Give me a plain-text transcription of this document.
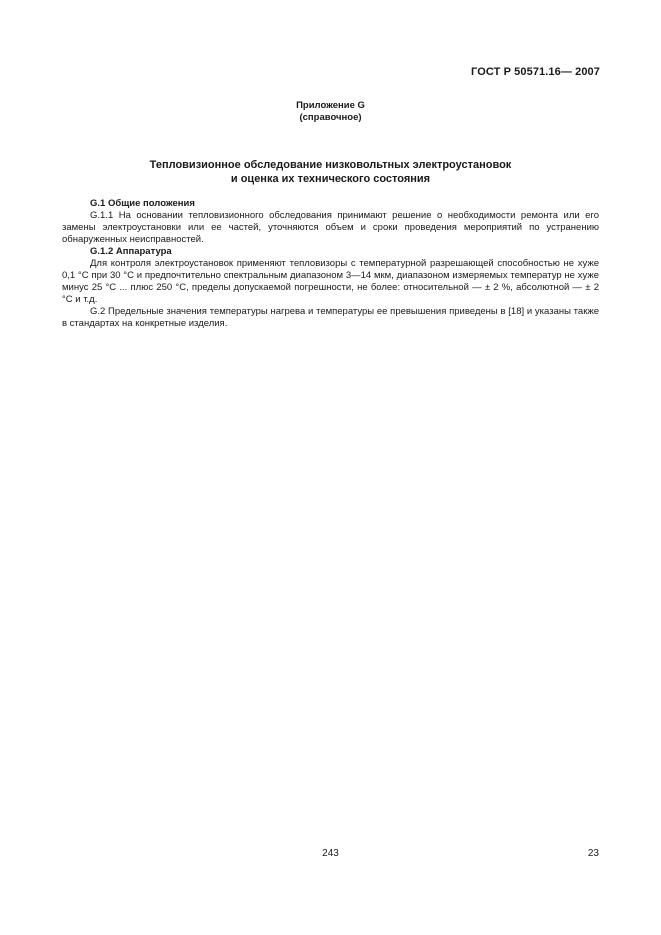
ГОСТ Р 50571.16— 2007
Приложение G
(справочное)
Тепловизионное обследование низковольтных электроустановок
и оценка их технического состояния
G.1 Общие положения

G.1.1 На основании тепловизионного обследования принимают решение о необходимости ремонта или его замены электроустановки или ее частей, уточняются объем и сроки проведения мероприятий по устранению обнаруженных неисправностей.

G.1.2 Аппаратура

Для контроля электроустановок применяют тепловизоры с температурной разрешающей способностью не хуже 0,1 °С при 30 °С и предпочтительно спектральным диапазоном 3—14 мкм, диапазоном измеряемых температур не хуже минус 25 °С ... плюс 250 °С, пределы допускаемой погрешности, не более: относительной — ± 2 %, абсолютной — ± 2 °С и т.д.

G.2 Предельные значения температуры нагрева и температуры ее превышения приведены в [18] и указаны также в стандартах на конкретные изделия.

243	23
